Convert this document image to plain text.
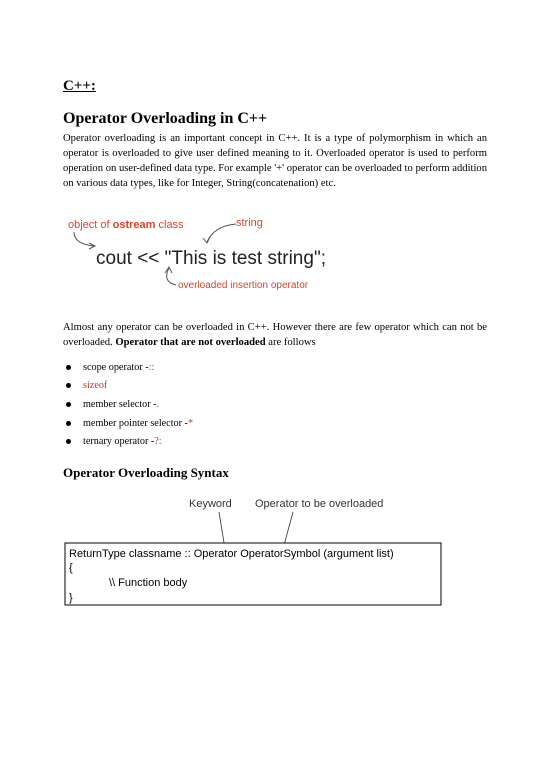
C++:
Operator Overloading in C++
Operator overloading is an important concept in C++. It is a type of polymorphism in which an operator is overloaded to give user defined meaning to it. Overloaded operator is used to perform operation on user-defined data type. For example '+' operator can be overloaded to perform addition on various data types, like for Integer, String(concatenation) etc.
object of ostream class	string
cout << "This is test string";
overloaded insertion operator
Almost any operator can be overloaded in C++. However there are few operator which can not be overloaded. Operator that are not overloaded are follows
scope operator - ::
sizeof
member selector - .
member pointer selector - *
ternary operator - ?:
Operator Overloading Syntax
Keyword Operator to be overloaded
ReturnType classname :: Operator OperatorSymbol (argument list)
{
\\ Function body
}
